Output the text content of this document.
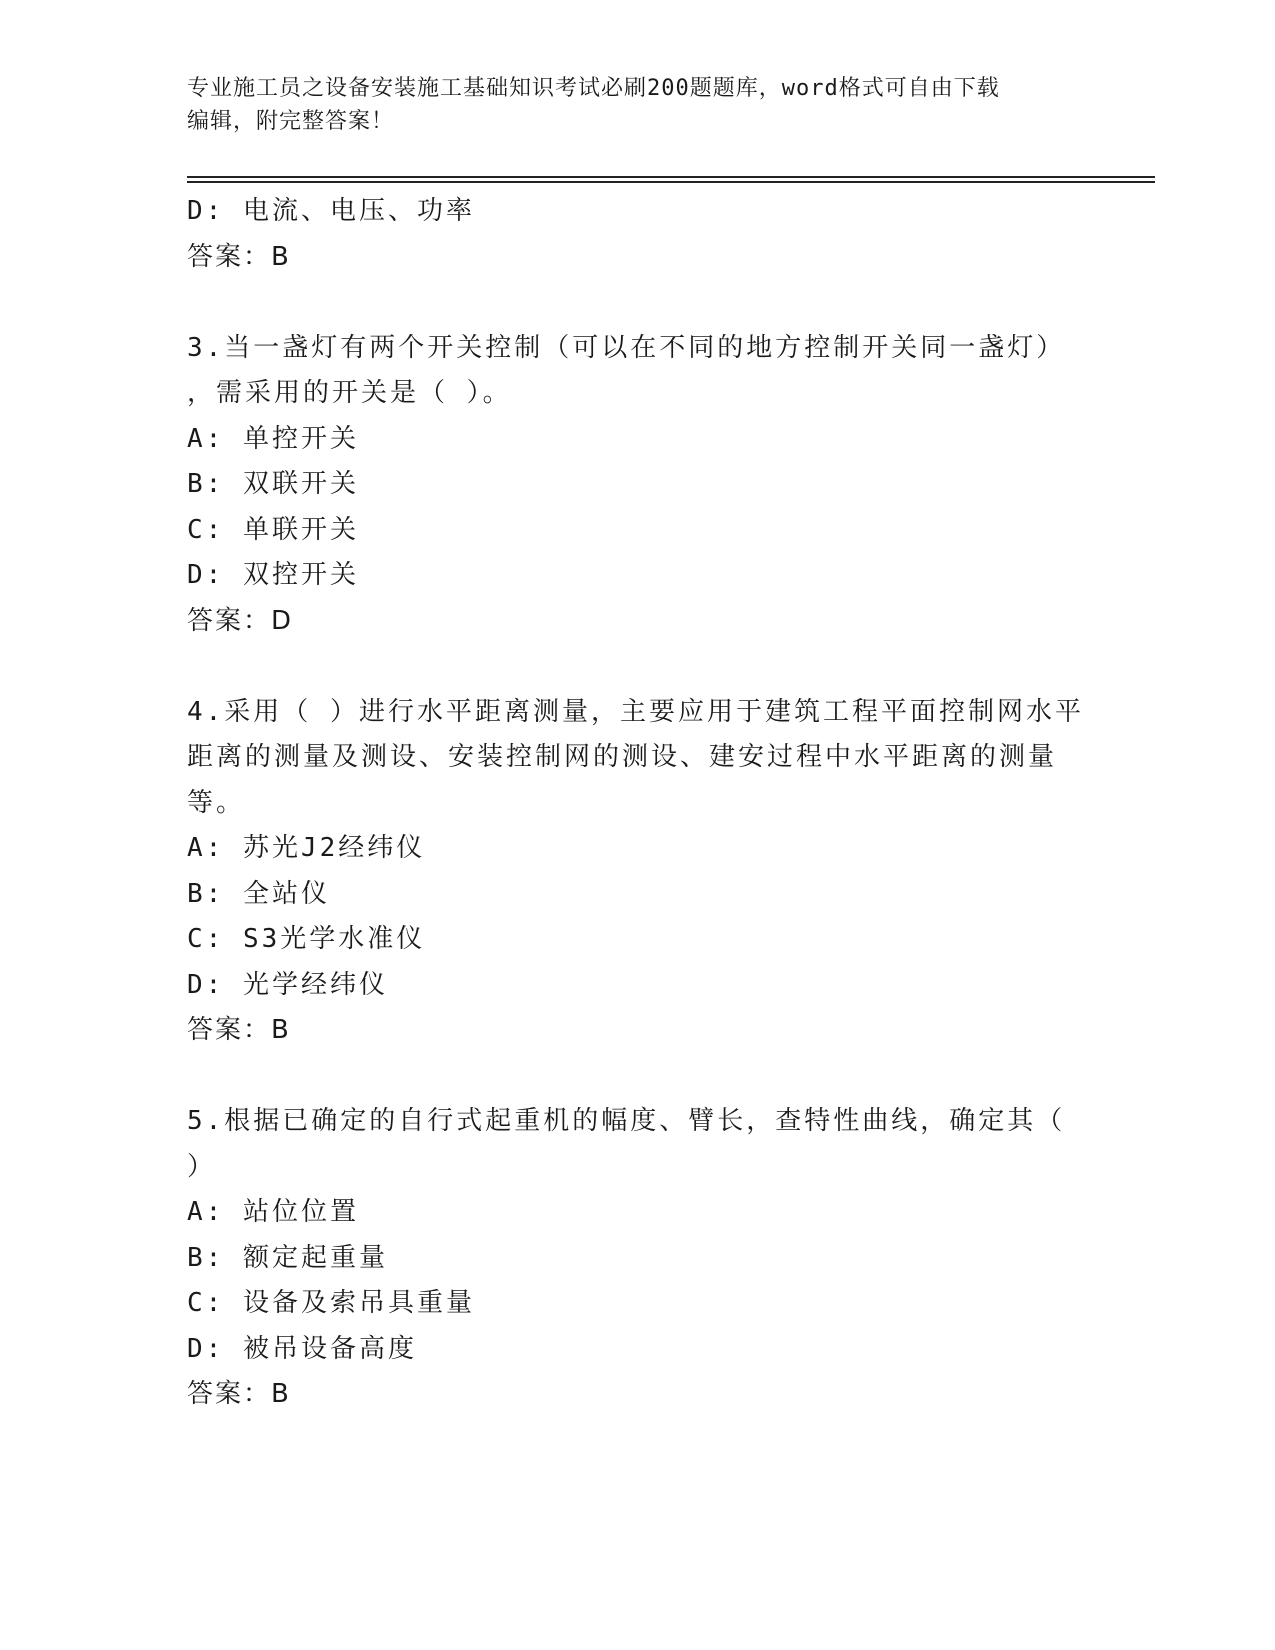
专业施工员之设备安装施工基础知识考试必刷200题题库，word格式可自由下载
编辑，附完整答案！
D: 电流、电压、功率
答案：B
3.当一盏灯有两个开关控制（可以在不同的地方控制开关同一盏灯）
，需采用的开关是（ ）。
A: 单控开关
B: 双联开关
C: 单联开关
D: 双控开关
答案：D
4.采用（ ）进行水平距离测量，主要应用于建筑工程平面控制网水平
距离的测量及测设、安装控制网的测设、建安过程中水平距离的测量
等。
A: 苏光J2经纬仪
B: 全站仪
C: S3光学水准仪
D: 光学经纬仪
答案：B
5.根据已确定的自行式起重机的幅度、臂长，查特性曲线，确定其（
）
A: 站位位置
B: 额定起重量
C: 设备及索吊具重量
D: 被吊设备高度
答案：B
